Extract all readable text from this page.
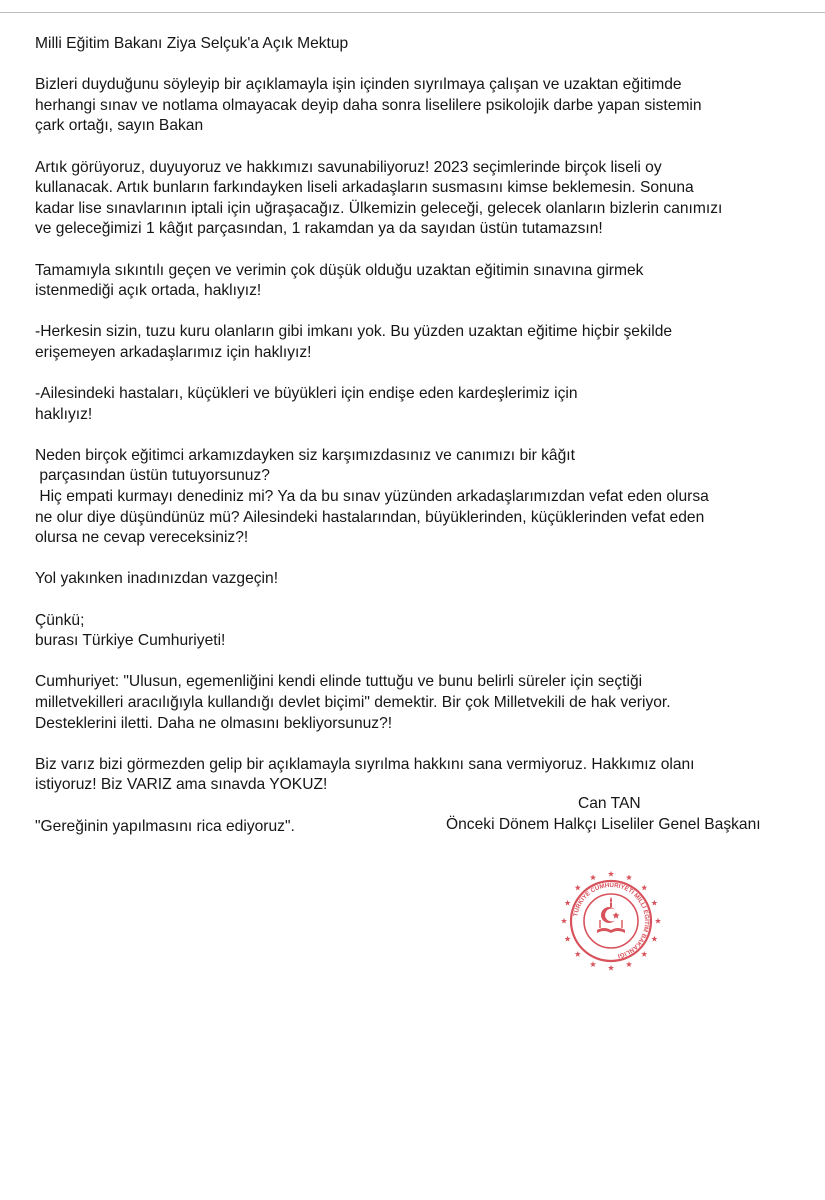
Milli Eğitim Bakanı Ziya Selçuk'a Açık Mektup
Bizleri duyduğunu söyleyip bir açıklamayla işin içinden sıyrılmaya çalışan ve uzaktan eğitimde
herhangi sınav ve notlama olmayacak deyip daha sonra liselilere psikolojik darbe yapan sistemin
çark ortağı, sayın Bakan
Artık görüyoruz, duyuyoruz ve hakkımızı savunabiliyoruz! 2023 seçimlerinde birçok liseli oy
kullanacak. Artık bunların farkındayken liseli arkadaşların susmasını kimse beklemesin. Sonuna
kadar lise sınavlarının iptali için uğraşacağız. Ülkemizin geleceği, gelecek olanların bizlerin canımızı
ve geleceğimizi 1 kâğıt parçasından, 1 rakamdan ya da sayıdan üstün tutamazsın!
Tamamıyla sıkıntılı geçen ve verimin çok düşük olduğu uzaktan eğitimin sınavına girmek
istenmediği açık ortada, haklıyız!
-Herkesin sizin, tuzu kuru olanların gibi imkanı yok. Bu yüzden uzaktan eğitime hiçbir şekilde
erişemeyen arkadaşlarımız için haklıyız!
-Ailesindeki hastaları, küçükleri ve büyükleri için endişe eden kardeşlerimiz için
haklıyız!
Neden birçok eğitimci arkamızdayken siz karşımızdasınız ve canımızı bir kâğıt
parçasından üstün tutuyorsunuz?
Hiç empati kurmayı denediniz mi? Ya da bu sınav yüzünden arkadaşlarımızdan vefat eden olursa
ne olur diye düşündünüz mü? Ailesindeki hastalarından, büyüklerinden, küçüklerinden vefat eden
olursa ne cevap vereceksiniz?!
Yol yakınken inadınızdan vazgeçin!
Çünkü;
burası Türkiye Cumhuriyeti!
Cumhuriyet: "Ulusun, egemenliğini kendi elinde tuttuğu ve bunu belirli süreler için seçtiği
milletvekilleri aracılığıyla kullandığı devlet biçimi" demektir. Bir çok Milletvekili de hak veriyor.
Desteklerini iletti. Daha ne olmasını bekliyorsunuz?!
Biz varız bizi görmezden gelip bir açıklamayla sıyrılma hakkını sana vermiyoruz. Hakkımız olanı
istiyoruz! Biz VARIZ ama sınavda YOKUZ!
"Gereğinin yapılmasını rica ediyoruz".
Can TAN
Önceki Dönem Halkçı Liseliler Genel Başkanı
TÜRKİYE CUMHURİYETİ MİLLİ EĞİTİM BAKANLIĞI
